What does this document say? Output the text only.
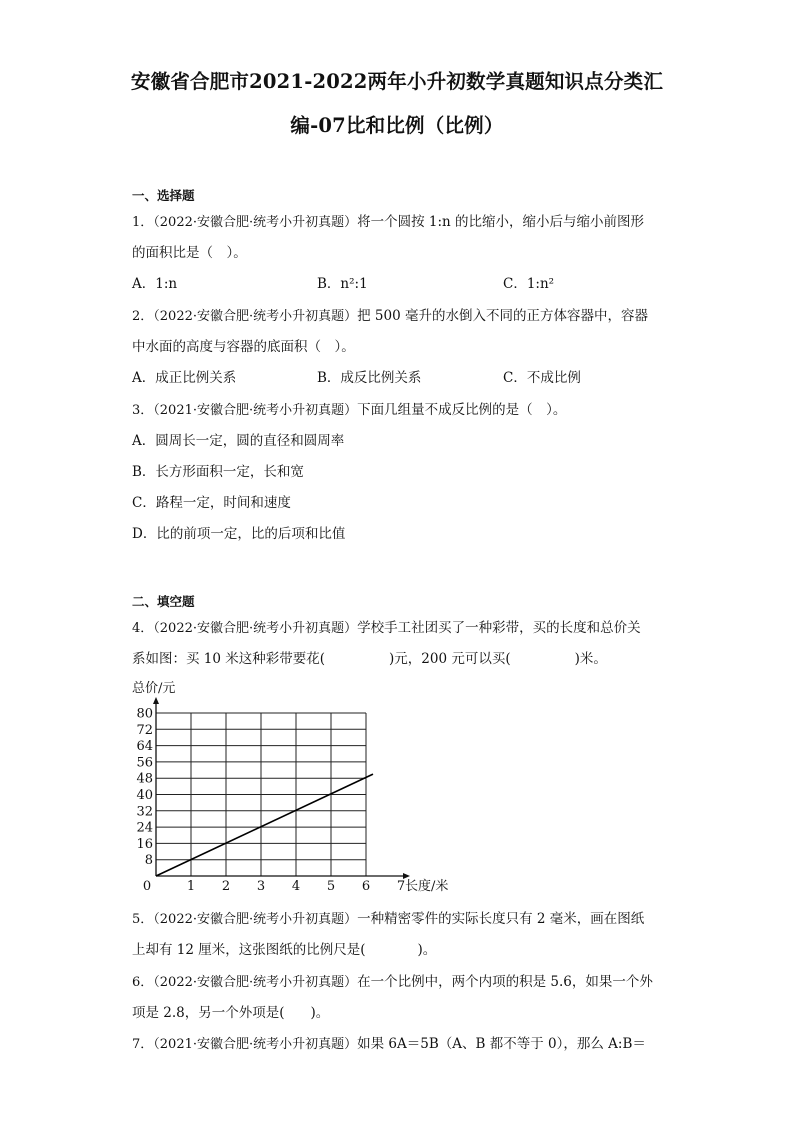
安徽省合肥市2021-2022两年小升初数学真题知识点分类汇
编-07比和比例（比例）
一、选择题
1．（2022·安徽合肥·统考小升初真题）将一个圆按 1:n 的比缩小，缩小后与缩小前图形
的面积比是（　）。
A．1:n	B．n²:1	C．1:n²
2．（2022·安徽合肥·统考小升初真题）把 500 毫升的水倒入不同的正方体容器中，容器
中水面的高度与容器的底面积（　）。
A．成正比例关系	B．成反比例关系	C．不成比例
3．（2021·安徽合肥·统考小升初真题）下面几组量不成反比例的是（　）。
A．圆周长一定，圆的直径和圆周率
B．长方形面积一定，长和宽
C．路程一定，时间和速度
D．比的前项一定，比的后项和比值
二、填空题
4．（2022·安徽合肥·统考小升初真题）学校手工社团买了一种彩带，买的长度和总价关
系如图：买 10 米这种彩带要花(	)元，200 元可以买(	)米。
8
16
24
32
40
48
56
64
72
80
0	1 2 3 4 5 6 7
总价/元
长度/米
5．（2022·安徽合肥·统考小升初真题）一种精密零件的实际长度只有 2 毫米，画在图纸
上却有 12 厘米，这张图纸的比例尺是(	)。
6．（2022·安徽合肥·统考小升初真题）在一个比例中，两个内项的积是 5.6，如果一个外
项是 2.8，另一个外项是( )。
7．（2021·安徽合肥·统考小升初真题）如果 6A＝5B（A、B 都不等于 0），那么 A:B＝
